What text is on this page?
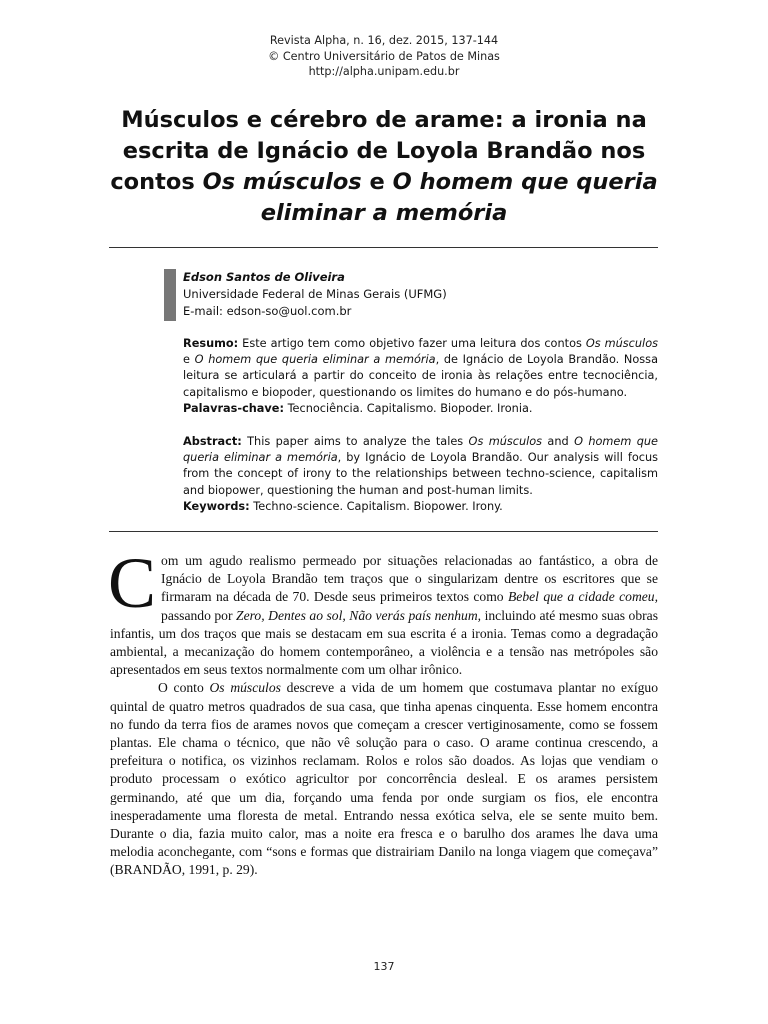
Revista Alpha, n. 16, dez. 2015, 137-144
© Centro Universitário de Patos de Minas
http://alpha.unipam.edu.br
Músculos e cérebro de arame: a ironia na
escrita de Ignácio de Loyola Brandão nos
contos Os músculos e O homem que queria
eliminar a memória
Edson Santos de Oliveira
Universidade Federal de Minas Gerais (UFMG)
E-mail: edson-so@uol.com.br

Resumo: Este artigo tem como objetivo fazer uma leitura dos contos Os músculos e O homem que queria eliminar a memória, de Ignácio de Loyola Brandão. Nossa leitura se articulará a partir do conceito de ironia às relações entre tecnociência, capitalismo e biopoder, questionando os limites do humano e do pós-humano.

Palavras-chave: Tecnociência. Capitalismo. Biopoder. Ironia.

Abstract: This paper aims to analyze the tales Os músculos and O homem que queria eliminar a memória, by Ignácio de Loyola Brandão. Our analysis will focus from the concept of irony to the relationships between techno-science, capitalism and biopower, questioning the human and post-human limits.

Keywords: Techno-science. Capitalism. Biopower. Irony.

Com um agudo realismo permeado por situações relacionadas ao fantástico, a obra de Ignácio de Loyola Brandão tem traços que o singularizam dentre os escritores que se firmaram na década de 70. Desde seus primeiros textos como Bebel que a cidade comeu, passando por Zero, Dentes ao sol, Não verás país nenhum, incluindo até mesmo suas obras infantis, um dos traços que mais se destacam em sua escrita é a ironia. Temas como a degradação ambiental, a mecanização do homem contemporâneo, a violência e a tensão nas metrópoles são apresentados em seus textos normalmente com um olhar irônico.

O conto Os músculos descreve a vida de um homem que costumava plantar no exíguo quintal de quatro metros quadrados de sua casa, que tinha apenas cinquenta. Esse homem encontra no fundo da terra fios de arames novos que começam a crescer vertiginosamente, como se fossem plantas. Ele chama o técnico, que não vê solução para o caso. O arame continua crescendo, a prefeitura o notifica, os vizinhos reclamam. Rolos e rolos são doados. As lojas que vendiam o produto processam o exótico agricultor por concorrência desleal. E os arames persistem germinando, até que um dia, forçando uma fenda por onde surgiam os fios, ele encontra inesperadamente uma floresta de metal. Entrando nessa exótica selva, ele se sente muito bem. Durante o dia, fazia muito calor, mas a noite era fresca e o barulho dos arames lhe dava uma melodia aconchegante, com “sons e formas que distrairiam Danilo na longa viagem que começava” (BRANDÃO, 1991, p. 29).

137
